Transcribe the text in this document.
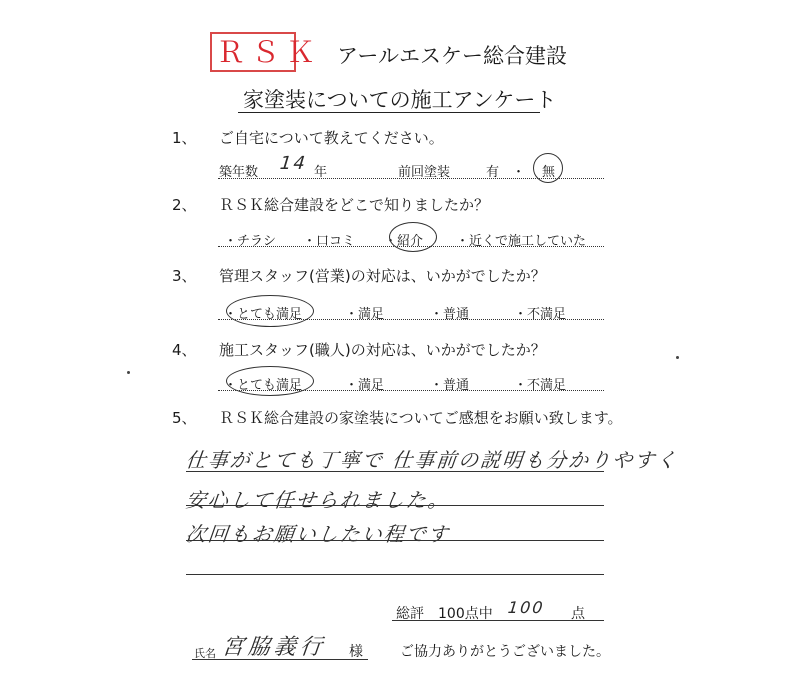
ＲＳＫ アールエスケー総合建設
家塗装についての施工アンケート
1、 ご自宅について教えてください。
築年数 14 年	前回塗装	有 ・ 無
2、 ＲＳＫ総合建設をどこで知りましたか？
・チラシ ・口コミ ・紹介	・近くで施工していた
3、 管理スタッフ(営業)の対応は、いかがでしたか？
・とても満足	・満足	・普通	・不満足
4、 施工スタッフ(職人)の対応は、いかがでしたか？
・とても満足	・満足	・普通	・不満足
5、 ＲＳＫ総合建設の家塗装についてご感想をお願い致します。
仕事がとても丁寧で 仕事前の説明も分かりやすく
安心して任せられました。
次回もお願いしたい程です
総評　100点中 100 点
氏名 宮脇義行 様	ご協力ありがとうございました。
